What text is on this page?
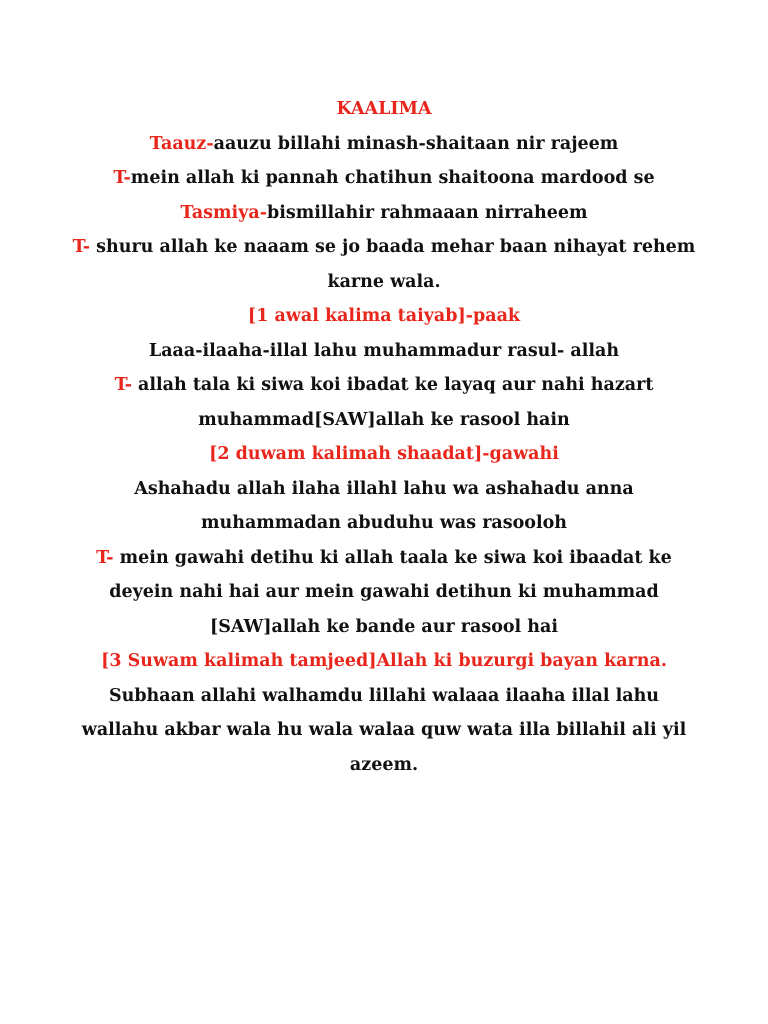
KAALIMA
Taauz-aauzu billahi minash-shaitaan nir rajeem
T-mein allah ki pannah chatihun shaitoona mardood se
Tasmiya-bismillahir rahmaaan nirraheem
T- shuru allah ke naaam se jo baada mehar baan nihayat rehem
karne wala.
[1 awal kalima taiyab]-paak
Laaa-ilaaha-illal lahu muhammadur rasul- allah
T- allah tala ki siwa koi ibadat ke layaq aur nahi hazart
muhammad[SAW]allah ke rasool hain
[2 duwam kalimah shaadat]-gawahi
Ashahadu allah ilaha illahl lahu wa ashahadu anna
muhammadan abuduhu was rasooloh
T- mein gawahi detihu ki allah taala ke siwa koi ibaadat ke
deyein nahi hai aur mein gawahi detihun ki muhammad
[SAW]allah ke bande aur rasool hai
[3 Suwam kalimah tamjeed]Allah ki buzurgi bayan karna.
Subhaan allahi walhamdu lillahi walaaa ilaaha illal lahu
wallahu akbar wala hu wala walaa quw wata illa billahil ali yil
azeem.
